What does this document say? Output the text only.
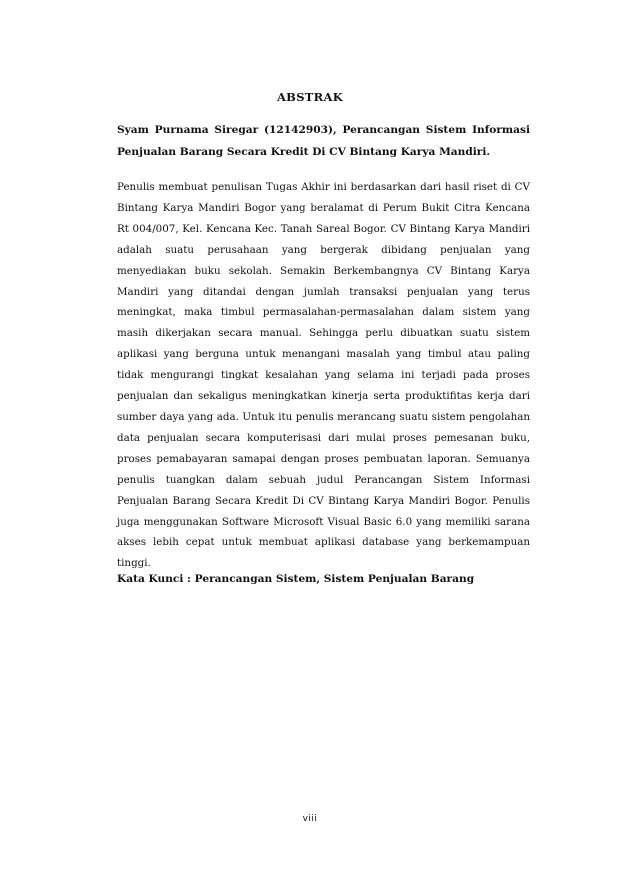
ABSTRAK
Syam Purnama Siregar (12142903), Perancangan Sistem Informasi Penjualan Barang Secara Kredit Di CV Bintang Karya Mandiri.
Penulis membuat penulisan Tugas Akhir ini berdasarkan dari hasil riset di CV Bintang Karya Mandiri Bogor yang beralamat di Perum Bukit Citra Kencana Rt 004/007, Kel. Kencana Kec. Tanah Sareal Bogor. CV Bintang Karya Mandiri adalah suatu perusahaan yang bergerak dibidang penjualan yang menyediakan buku sekolah. Semakin Berkembangnya CV Bintang Karya Mandiri yang ditandai dengan jumlah transaksi penjualan yang terus meningkat, maka timbul permasalahan-permasalahan dalam sistem yang masih dikerjakan secara manual. Sehingga perlu dibuatkan suatu sistem aplikasi yang berguna untuk menangani masalah yang timbul atau paling tidak mengurangi tingkat kesalahan yang selama ini terjadi pada proses penjualan dan sekaligus meningkatkan kinerja serta produktifitas kerja dari sumber daya yang ada. Untuk itu penulis merancang suatu sistem pengolahan data penjualan secara komputerisasi dari mulai proses pemesanan buku, proses pemabayaran samapai dengan proses pembuatan laporan. Semuanya penulis tuangkan dalam sebuah judul Perancangan Sistem Informasi Penjualan Barang Secara Kredit Di CV Bintang Karya Mandiri Bogor. Penulis juga menggunakan Software Microsoft Visual Basic 6.0 yang memiliki sarana akses lebih cepat untuk membuat aplikasi database yang berkemampuan tinggi.
Kata Kunci : Perancangan Sistem, Sistem Penjualan Barang
viii
